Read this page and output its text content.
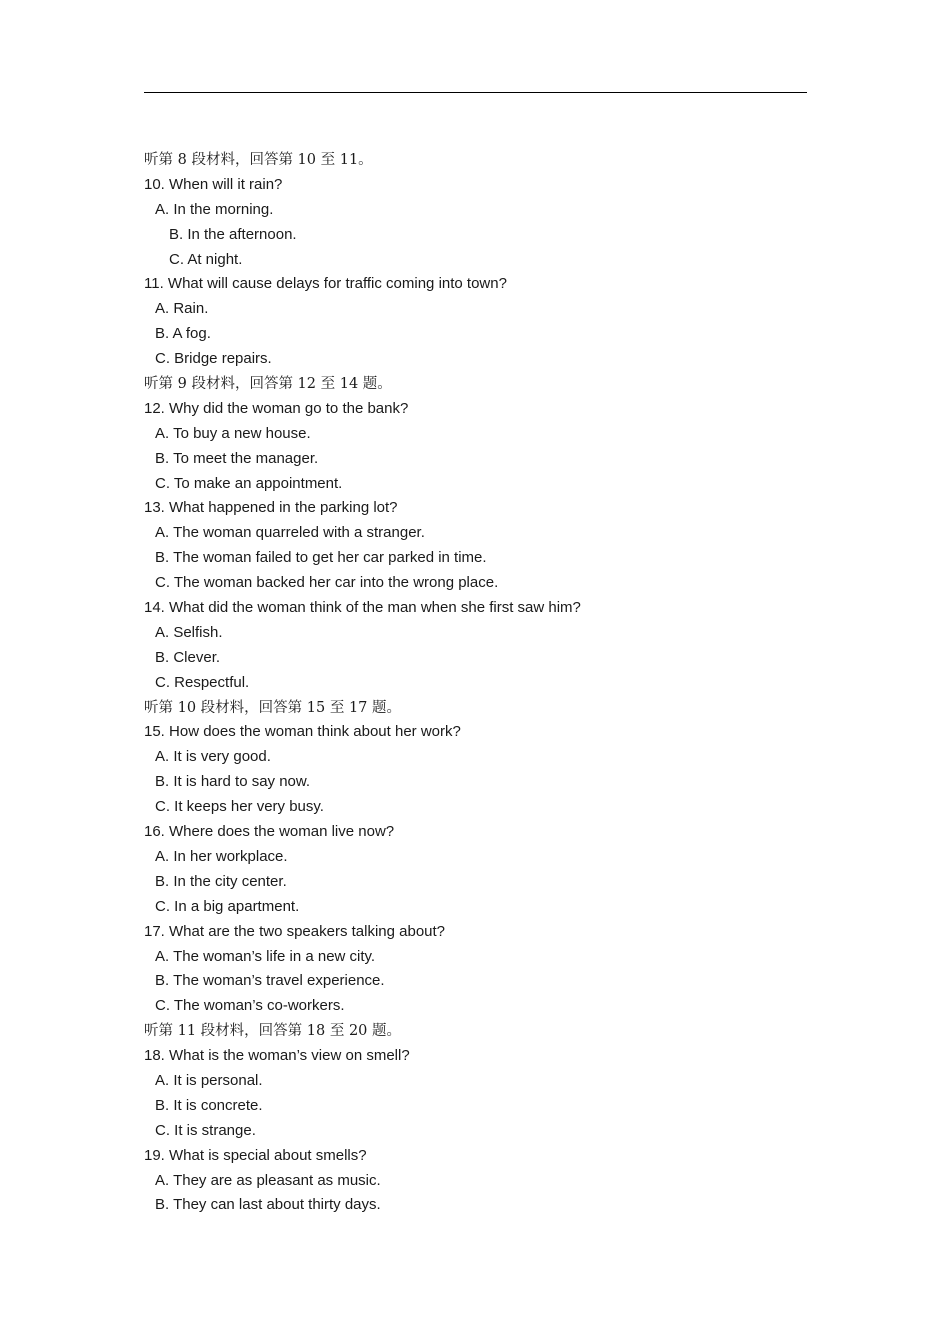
听第 8 段材料，回答第 10 至 11。
10. When will it rain?
A. In the morning.
B. In the afternoon.
C. At night.
11. What will cause delays for traffic coming into town?
A. Rain.
B. A fog.
C. Bridge repairs.
听第 9 段材料，回答第 12 至 14 题。
12. Why did the woman go to the bank?
A. To buy a new house.
B. To meet the manager.
C. To make an appointment.
13. What happened in the parking lot?
A. The woman quarreled with a stranger.
B. The woman failed to get her car parked in time.
C. The woman backed her car into the wrong place.
14. What did the woman think of the man when she first saw him?
A. Selfish.
B. Clever.
C. Respectful.
听第 10 段材料，回答第 15 至 17 题。
15. How does the woman think about her work?
A. It is very good.
B. It is hard to say now.
C. It keeps her very busy.
16. Where does the woman live now?
A. In her workplace.
B. In the city center.
C. In a big apartment.
17. What are the two speakers talking about?
A. The woman’s life in a new city.
B. The woman’s travel experience.
C. The woman’s co-workers.
听第 11 段材料，回答第 18 至 20 题。
18. What is the woman’s view on smell?
A. It is personal.
B. It is concrete.
C. It is strange.
19. What is special about smells?
A. They are as pleasant as music.
B. They can last about thirty days.
